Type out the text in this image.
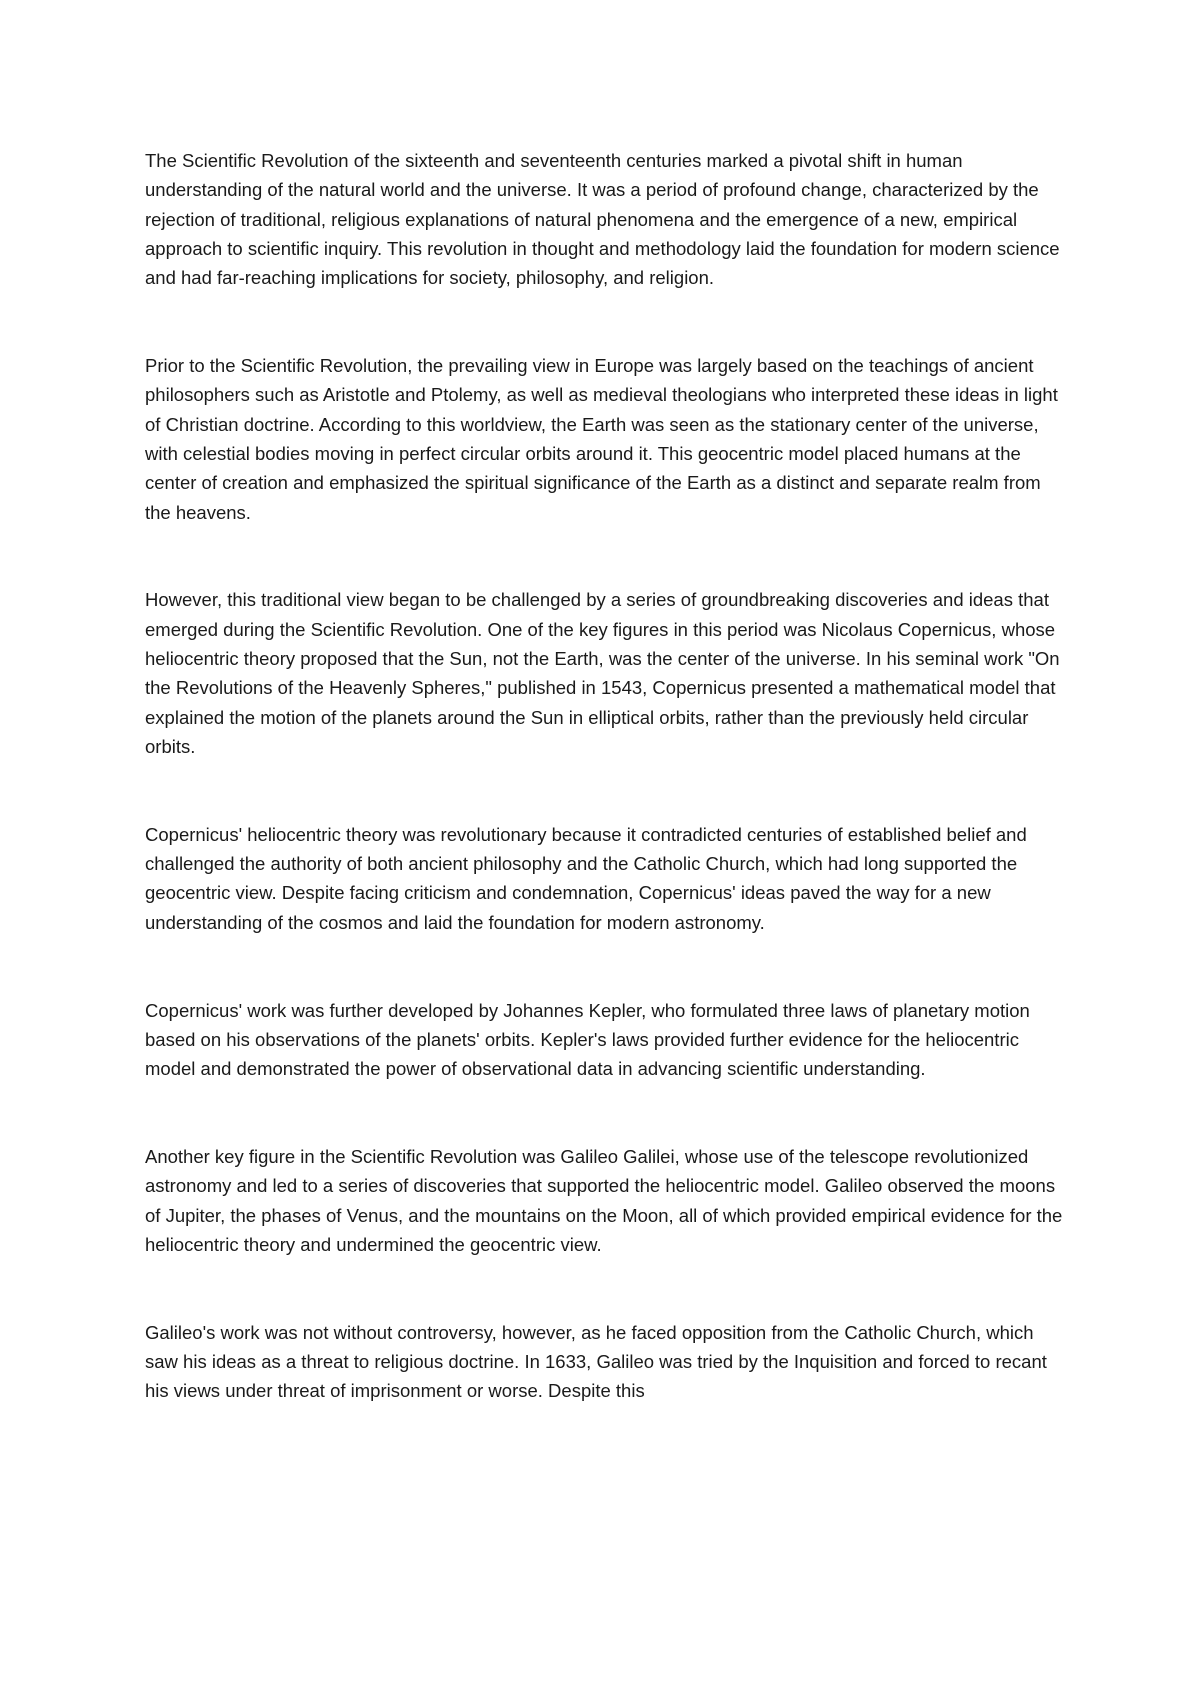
The Scientific Revolution of the sixteenth and seventeenth centuries marked a pivotal shift in human understanding of the natural world and the universe. It was a period of profound change, characterized by the rejection of traditional, religious explanations of natural phenomena and the emergence of a new, empirical approach to scientific inquiry. This revolution in thought and methodology laid the foundation for modern science and had far-reaching implications for society, philosophy, and religion.

Prior to the Scientific Revolution, the prevailing view in Europe was largely based on the teachings of ancient philosophers such as Aristotle and Ptolemy, as well as medieval theologians who interpreted these ideas in light of Christian doctrine. According to this worldview, the Earth was seen as the stationary center of the universe, with celestial bodies moving in perfect circular orbits around it. This geocentric model placed humans at the center of creation and emphasized the spiritual significance of the Earth as a distinct and separate realm from the heavens.

However, this traditional view began to be challenged by a series of groundbreaking discoveries and ideas that emerged during the Scientific Revolution. One of the key figures in this period was Nicolaus Copernicus, whose heliocentric theory proposed that the Sun, not the Earth, was the center of the universe. In his seminal work "On the Revolutions of the Heavenly Spheres," published in 1543, Copernicus presented a mathematical model that explained the motion of the planets around the Sun in elliptical orbits, rather than the previously held circular orbits.

Copernicus' heliocentric theory was revolutionary because it contradicted centuries of established belief and challenged the authority of both ancient philosophy and the Catholic Church, which had long supported the geocentric view. Despite facing criticism and condemnation, Copernicus' ideas paved the way for a new understanding of the cosmos and laid the foundation for modern astronomy.

Copernicus' work was further developed by Johannes Kepler, who formulated three laws of planetary motion based on his observations of the planets' orbits. Kepler's laws provided further evidence for the heliocentric model and demonstrated the power of observational data in advancing scientific understanding.

Another key figure in the Scientific Revolution was Galileo Galilei, whose use of the telescope revolutionized astronomy and led to a series of discoveries that supported the heliocentric model. Galileo observed the moons of Jupiter, the phases of Venus, and the mountains on the Moon, all of which provided empirical evidence for the heliocentric theory and undermined the geocentric view.

Galileo's work was not without controversy, however, as he faced opposition from the Catholic Church, which saw his ideas as a threat to religious doctrine. In 1633, Galileo was tried by the Inquisition and forced to recant his views under threat of imprisonment or worse. Despite this
